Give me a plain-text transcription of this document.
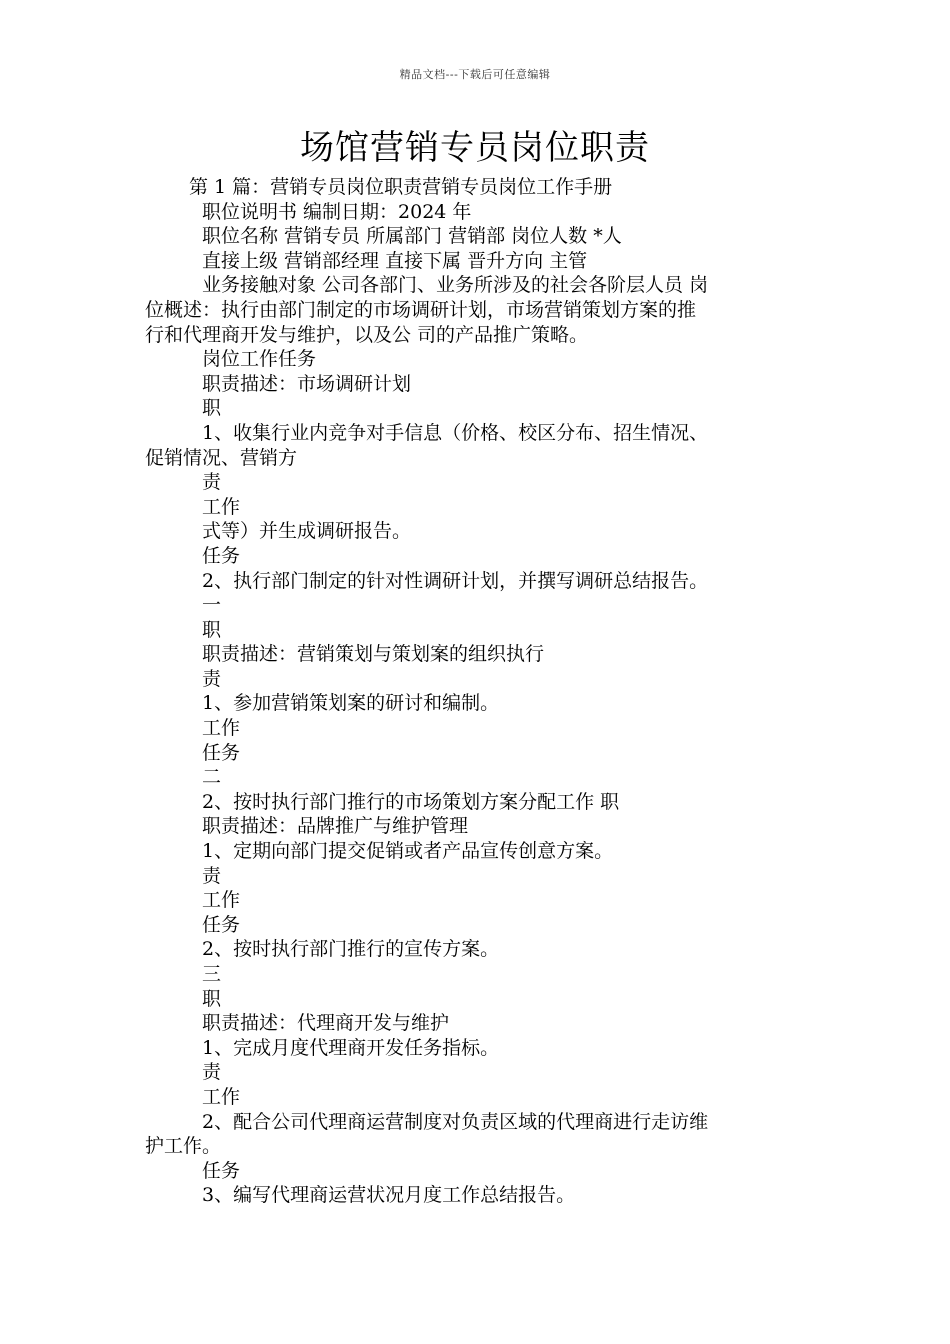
精品文档---下载后可任意编辑
场馆营销专员岗位职责
第 1 篇：营销专员岗位职责营销专员岗位工作手册
职位说明书 编制日期：2024 年
职位名称 营销专员 所属部门 营销部 岗位人数 *人
直接上级 营销部经理 直接下属 晋升方向 主管
业务接触对象 公司各部门、业务所涉及的社会各阶层人员 岗
位概述：执行由部门制定的市场调研计划，市场营销策划方案的推
行和代理商开发与维护，以及公 司的产品推广策略。
岗位工作任务
职责描述：市场调研计划
职
1、收集行业内竞争对手信息（价格、校区分布、招生情况、
促销情况、营销方
责
工作
式等）并生成调研报告。
任务
2、执行部门制定的针对性调研计划，并撰写调研总结报告。
一
职
职责描述：营销策划与策划案的组织执行
责
1、参加营销策划案的研讨和编制。
工作
任务
二
2、按时执行部门推行的市场策划方案分配工作 职
职责描述：品牌推广与维护管理
1、定期向部门提交促销或者产品宣传创意方案。
责
工作
任务
2、按时执行部门推行的宣传方案。
三
职
职责描述：代理商开发与维护
1、完成月度代理商开发任务指标。
责
工作
2、配合公司代理商运营制度对负责区域的代理商进行走访维
护工作。
任务
3、编写代理商运营状况月度工作总结报告。
